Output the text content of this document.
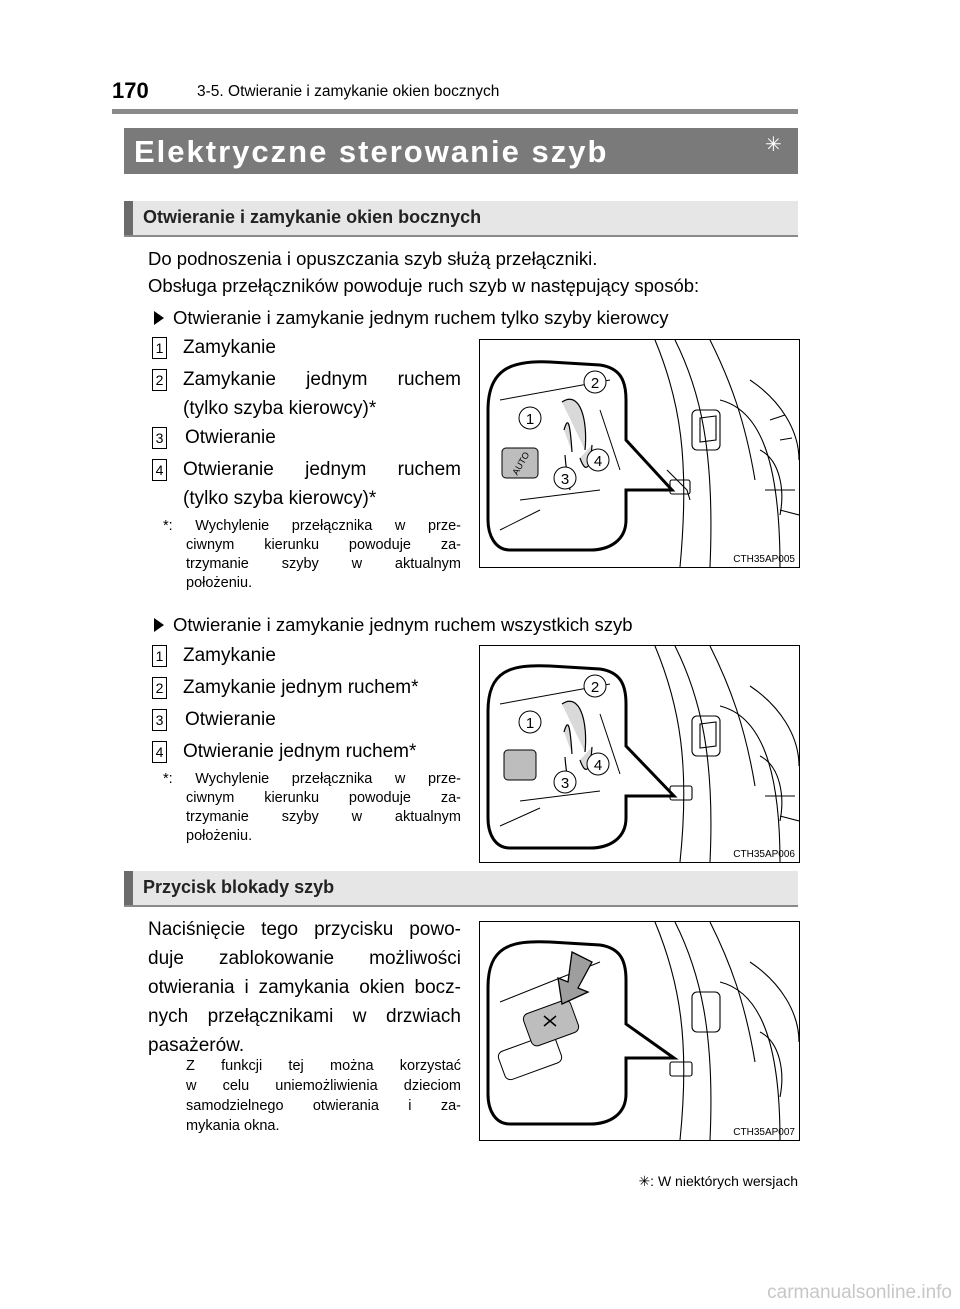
170	3-5. Otwieranie i zamykanie okien bocznych
Elektryczne sterowanie szyb	✳
Otwieranie i zamykanie okien bocznych
Do podnoszenia i opuszczania szyb służą przełączniki.
Obsługa przełączników powoduje ruch szyb w następujący sposób:
Otwieranie i zamykanie jednym ruchem tylko szyby kierowcy
1 Zamykanie
2 Zamykanie jednym ruchem
(tylko szyba kierowcy)*
3 Otwieranie
4 Otwieranie jednym ruchem
(tylko szyba kierowcy)*
*: Wychylenie przełącznika w prze-
ciwnym kierunku powoduje za-
trzymanie szyby w aktualnym
położeniu.
AUTO
2
1
4
3
CTH35AP005
Otwieranie i zamykanie jednym ruchem wszystkich szyb
1 Zamykanie
2 Zamykanie jednym ruchem*
3 Otwieranie
4 Otwieranie jednym ruchem*
*: Wychylenie przełącznika w prze-
ciwnym kierunku powoduje za-
trzymanie szyby w aktualnym
położeniu.
2
1
4
3
CTH35AP006
Przycisk blokady szyb
Naciśnięcie tego przycisku powo-
duje zablokowanie możliwości
otwierania i zamykania okien bocz-
nych przełącznikami w drzwiach
pasażerów.
Z funkcji tej można korzystać
w celu uniemożliwienia dzieciom
samodzielnego otwierania i za-
mykania okna.	CTH35AP007
✳: W niektórych wersjach
carmanualsonline.info
